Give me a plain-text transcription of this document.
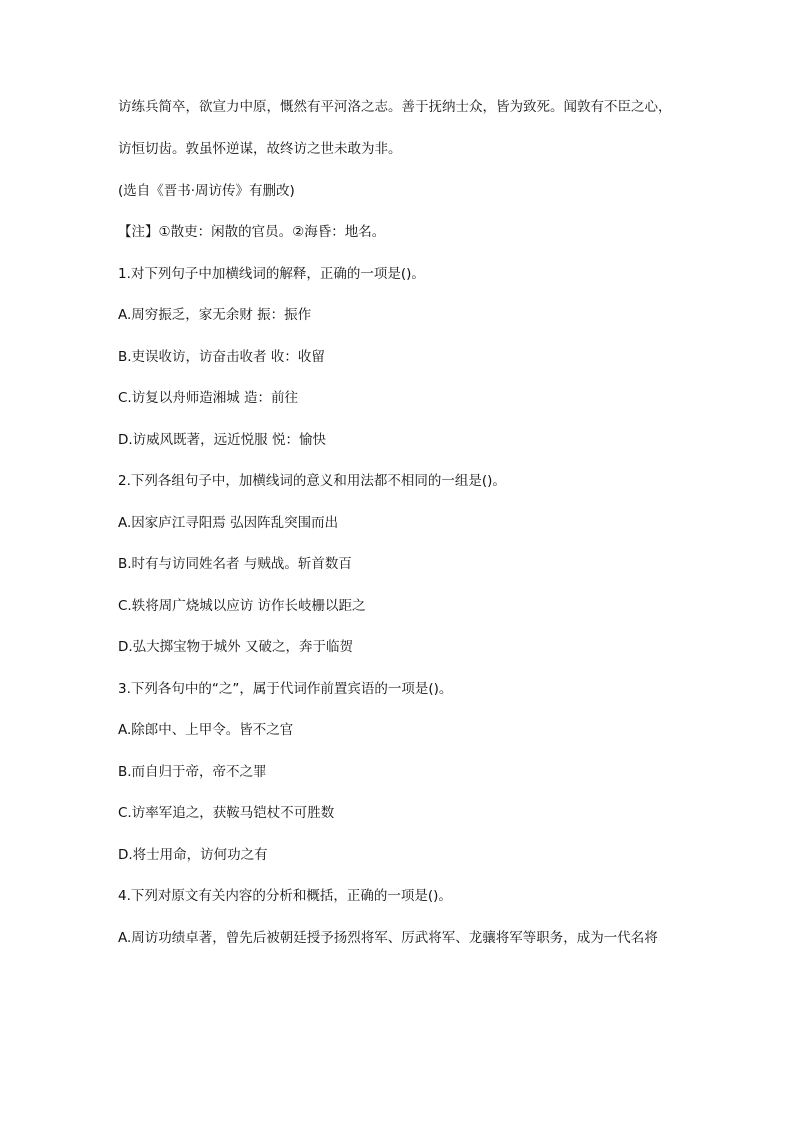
访练兵简卒，欲宣力中原，慨然有平河洛之志。善于抚纳士众，皆为致死。闻敦有不臣之心，

访恒切齿。敦虽怀逆谋，故终访之世未敢为非。
(选自《晋书·周访传》有删改)
【注】①散吏：闲散的官员。②海昏：地名。
1.对下列句子中加横线词的解释，正确的一项是()。
A.周穷振乏，家无余财 振：振作
B.吏误收访，访奋击收者 收：收留
C.访复以舟师造湘城 造：前往
D.访威风既著，远近悦服 悦：愉快
2.下列各组句子中，加横线词的意义和用法都不相同的一组是()。
A.因家庐江寻阳焉 弘因阵乱突围而出
B.时有与访同姓名者 与贼战。斩首数百
C.轶将周广烧城以应访 访作长岐栅以距之
D.弘大掷宝物于城外 又破之，奔于临贺
3.下列各句中的“之”，属于代词作前置宾语的一项是()。
A.除郎中、上甲令。皆不之官
B.而自归于帝，帝不之罪
C.访率军追之，获鞍马铠杖不可胜数
D.将士用命，访何功之有
4.下列对原文有关内容的分析和概括，正确的一项是()。

A.周访功绩卓著，曾先后被朝廷授予扬烈将军、厉武将军、龙骧将军等职务，成为一代名将
